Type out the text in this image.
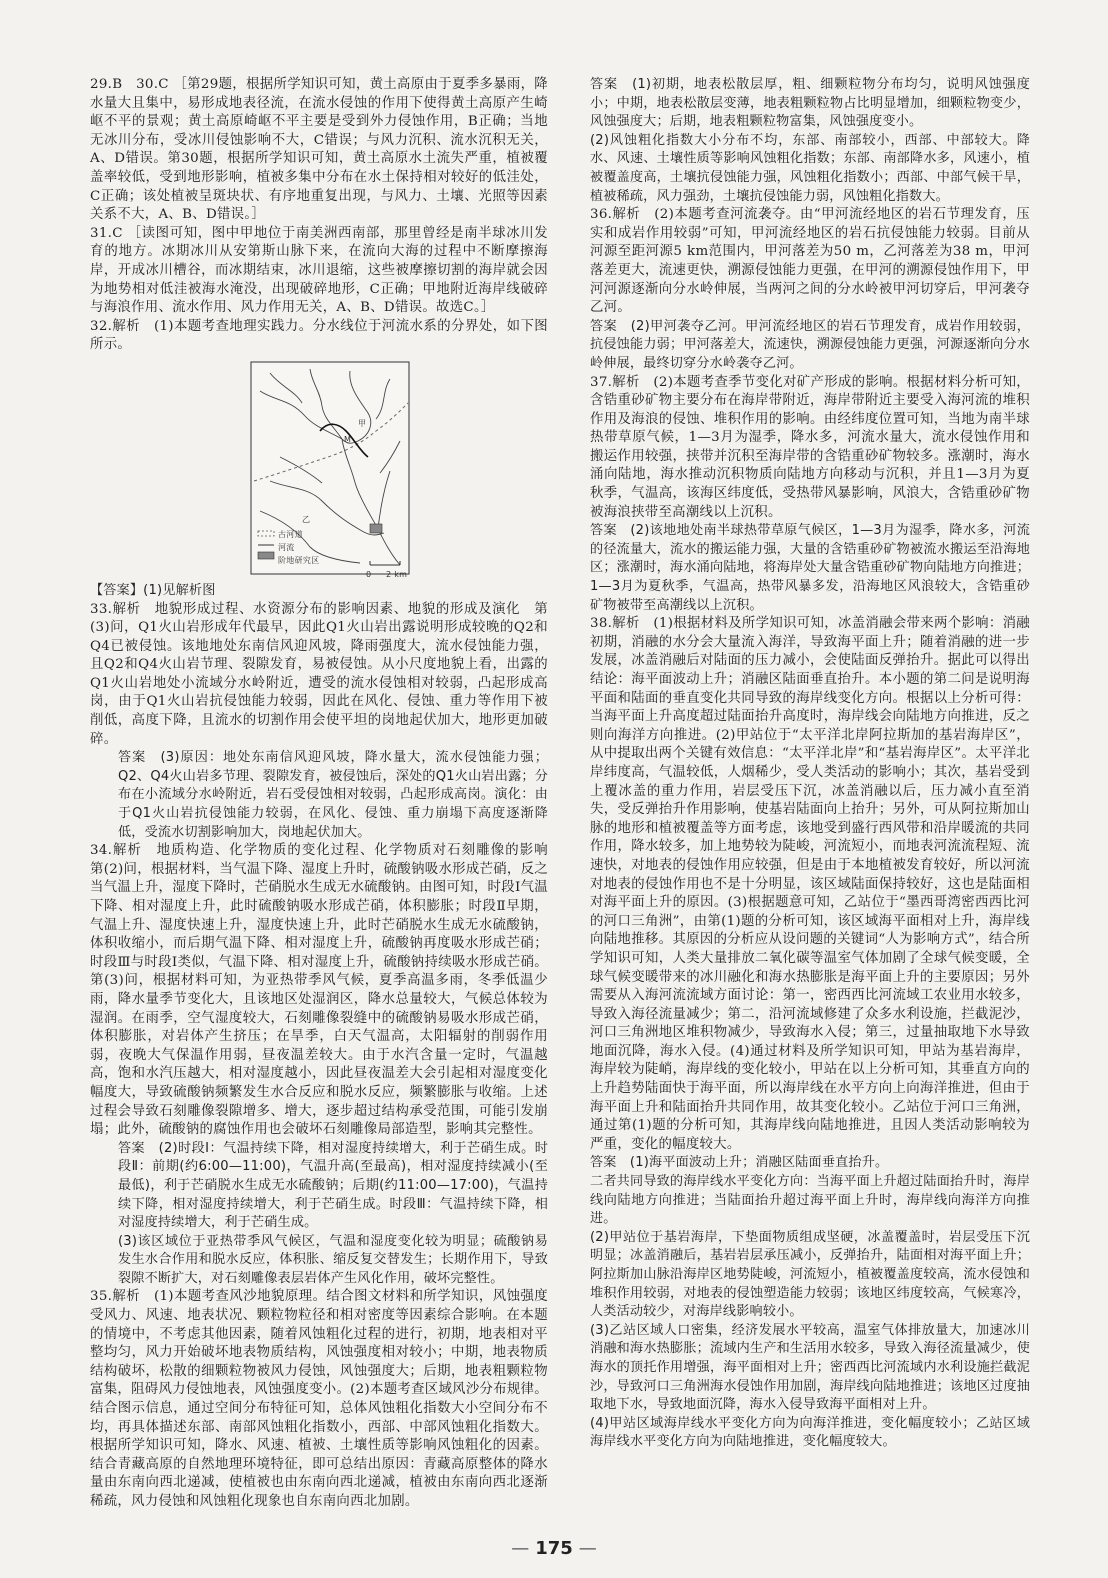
29.B　30.C ［第29题，根据所学知识可知，黄土高原由于夏季多暴雨，降水量大且集中，易形成地表径流，在流水侵蚀的作用下使得黄土高原产生崎岖不平的景观；黄土高原崎岖不平主要是受到外力侵蚀作用，B正确；当地无冰川分布，受冰川侵蚀影响不大，C错误；与风力沉积、流水沉积无关，A、D错误。第30题，根据所学知识可知，黄土高原水土流失严重，植被覆盖率较低，受到地形影响，植被多集中分布在水土保持相对较好的低洼处，C正确；该处植被呈斑块状、有序地重复出现，与风力、土壤、光照等因素关系不大，A、B、D错误。］

31.C ［读图可知，图中甲地位于南美洲西南部，那里曾经是南半球冰川发育的地方。冰期冰川从安第斯山脉下来，在流向大海的过程中不断摩擦海岸，开成冰川槽谷，而冰期结束，冰川退缩，这些被摩擦切割的海岸就会因为地势相对低洼被海水淹没，出现破碎地形，C正确；甲地附近海岸线破碎与海浪作用、流水作用、风力作用无关，A、B、D错误。故选C。］

32.解析　(1)本题考查地理实践力。分水线位于河流水系的分界处，如下图所示。

甲
M
乙
古河道
河流
阶地研究区
0 2 km

【答案】(1)见解析图

33.解析　地貌形成过程、水资源分布的影响因素、地貌的形成及演化　第(3)问，Q1火山岩形成年代最早，因此Q1火山岩出露说明形成较晚的Q2和Q4已被侵蚀。该地地处东南信风迎风坡，降雨强度大，流水侵蚀能力强，且Q2和Q4火山岩节理、裂隙发育，易被侵蚀。从小尺度地貌上看，出露的Q1火山岩地处小流域分水岭附近，遭受的流水侵蚀相对较弱，凸起形成高岗，由于Q1火山岩抗侵蚀能力较弱，因此在风化、侵蚀、重力等作用下被削低，高度下降，且流水的切割作用会使平坦的岗地起伏加大，地形更加破碎。

答案　(3)原因：地处东南信风迎风坡，降水量大，流水侵蚀能力强；Q2、Q4火山岩多节理、裂隙发育，被侵蚀后，深处的Q1火山岩出露；分布在小流域分水岭附近，岩石受侵蚀相对较弱，凸起形成高岗。演化：由于Q1火山岩抗侵蚀能力较弱，在风化、侵蚀、重力崩塌下高度逐渐降低，受流水切割影响加大，岗地起伏加大。

34.解析　地质构造、化学物质的变化过程、化学物质对石刻雕像的影响　第(2)问，根据材料，当气温下降、湿度上升时，硫酸钠吸水形成芒硝，反之当气温上升，湿度下降时，芒硝脱水生成无水硫酸钠。由图可知，时段Ⅰ气温下降、相对湿度上升，此时硫酸钠吸水形成芒硝，体积膨胀；时段Ⅱ早期，气温上升、湿度快速上升，湿度快速上升，此时芒硝脱水生成无水硫酸钠，体积收缩小，而后期气温下降、相对湿度上升，硫酸钠再度吸水形成芒硝；时段Ⅲ与时段Ⅰ类似，气温下降、相对湿度上升，硫酸钠持续吸水形成芒硝。第(3)问，根据材料可知，为亚热带季风气候，夏季高温多雨，冬季低温少雨，降水量季节变化大，且该地区处湿润区，降水总量较大，气候总体较为湿润。在雨季，空气湿度较大，石刻雕像裂缝中的硫酸钠易吸水形成芒硝，体积膨胀，对岩体产生挤压；在旱季，白天气温高，太阳辐射的削弱作用弱，夜晚大气保温作用弱，昼夜温差较大。由于水汽含量一定时，气温越高，饱和水汽压越大，相对湿度越小，因此昼夜温差大会引起相对湿度变化幅度大，导致硫酸钠频繁发生水合反应和脱水反应，频繁膨胀与收缩。上述过程会导致石刻雕像裂隙增多、增大，逐步超过结构承受范围，可能引发崩塌；此外，硫酸钠的腐蚀作用也会破坏石刻雕像局部造型，影响其完整性。

答案　(2)时段Ⅰ：气温持续下降，相对湿度持续增大，利于芒硝生成。时段Ⅱ：前期(约6:00—11:00)，气温升高(至最高)，相对湿度持续减小(至最低)，利于芒硝脱水生成无水硫酸钠；后期(约11:00—17:00)，气温持续下降，相对湿度持续增大，利于芒硝生成。时段Ⅲ：气温持续下降，相对湿度持续增大，利于芒硝生成。

(3)该区域位于亚热带季风气候区，气温和湿度变化较为明显；硫酸钠易发生水合作用和脱水反应，体积胀、缩反复交替发生；长期作用下，导致裂隙不断扩大，对石刻雕像表层岩体产生风化作用，破坏完整性。

35.解析　(1)本题考查风沙地貌原理。结合图文材料和所学知识，风蚀强度受风力、风速、地表状况、颗粒物粒径和相对密度等因素综合影响。在本题的情境中，不考虑其他因素，随着风蚀粗化过程的进行，初期，地表相对平整均匀，风力开始破坏地表物质结构，风蚀强度相对较小；中期，地表物质结构破坏，松散的细颗粒物被风力侵蚀，风蚀强度大；后期，地表粗颗粒物富集，阻碍风力侵蚀地表，风蚀强度变小。(2)本题考查区域风沙分布规律。结合图示信息，通过空间分布特征可知，总体风蚀粗化指数大小空间分布不均，再具体描述东部、南部风蚀粗化指数小，西部、中部风蚀粗化指数大。根据所学知识可知，降水、风速、植被、土壤性质等影响风蚀粗化的因素。结合青藏高原的自然地理环境特征，即可总结出原因：青藏高原整体的降水量由东南向西北递减，使植被也由东南向西北递减，植被由东南向西北逐渐稀疏，风力侵蚀和风蚀粗化现象也自东南向西北加剧。

答案　(1)初期，地表松散层厚，粗、细颗粒物分布均匀，说明风蚀强度小；中期，地表松散层变薄，地表粗颗粒物占比明显增加，细颗粒物变少，风蚀强度大；后期，地表粗颗粒物富集，风蚀强度变小。

(2)风蚀粗化指数大小分布不均，东部、南部较小，西部、中部较大。降水、风速、土壤性质等影响风蚀粗化指数；东部、南部降水多，风速小，植被覆盖度高，土壤抗侵蚀能力强，风蚀粗化指数小；西部、中部气候干旱，植被稀疏，风力强劲，土壤抗侵蚀能力弱，风蚀粗化指数大。

36.解析　(2)本题考查河流袭夺。由“甲河流经地区的岩石节理发育，压实和成岩作用较弱”可知，甲河流经地区的岩石抗侵蚀能力较弱。目前从河源至距河源5 km范围内，甲河落差为50 m，乙河落差为38 m，甲河落差更大，流速更快，溯源侵蚀能力更强，在甲河的溯源侵蚀作用下，甲河河源逐渐向分水岭伸展，当两河之间的分水岭被甲河切穿后，甲河袭夺乙河。

答案　(2)甲河袭夺乙河。甲河流经地区的岩石节理发育，成岩作用较弱，抗侵蚀能力弱；甲河落差大，流速快，溯源侵蚀能力更强，河源逐渐向分水岭伸展，最终切穿分水岭袭夺乙河。

37.解析　(2)本题考查季节变化对矿产形成的影响。根据材料分析可知，含锆重砂矿物主要分布在海岸带附近，海岸带附近主要受入海河流的堆积作用及海浪的侵蚀、堆积作用的影响。由经纬度位置可知，当地为南半球热带草原气候，1—3月为湿季，降水多，河流水量大，流水侵蚀作用和搬运作用较强，挟带并沉积至海岸带的含锆重砂矿物较多。涨潮时，海水涌向陆地，海水推动沉积物质向陆地方向移动与沉积，并且1—3月为夏秋季，气温高，该海区纬度低，受热带风暴影响，风浪大，含锆重砂矿物被海浪挟带至高潮线以上沉积。

答案　(2)该地地处南半球热带草原气候区，1—3月为湿季，降水多，河流的径流量大，流水的搬运能力强，大量的含锆重砂矿物被流水搬运至沿海地区；涨潮时，海水涌向陆地，将海岸处大量含锆重砂矿物向陆地方向推进；1—3月为夏秋季，气温高，热带风暴多发，沿海地区风浪较大，含锆重砂矿物被带至高潮线以上沉积。

38.解析　(1)根据材料及所学知识可知，冰盖消融会带来两个影响：消融初期，消融的水分会大量流入海洋，导致海平面上升；随着消融的进一步发展，冰盖消融后对陆面的压力减小，会使陆面反弹抬升。据此可以得出结论：海平面波动上升；消融区陆面垂直抬升。本小题的第二问是说明海平面和陆面的垂直变化共同导致的海岸线变化方向。根据以上分析可得：当海平面上升高度超过陆面抬升高度时，海岸线会向陆地方向推进，反之则向海洋方向推进。(2)甲站位于“太平洋北岸阿拉斯加的基岩海岸区”，从中提取出两个关键有效信息：“太平洋北岸”和“基岩海岸区”。太平洋北岸纬度高，气温较低，人烟稀少，受人类活动的影响小；其次，基岩受到上覆冰盖的重力作用，岩层受压下沉，冰盖消融以后，压力减小直至消失，受反弹抬升作用影响，使基岩陆面向上抬升；另外，可从阿拉斯加山脉的地形和植被覆盖等方面考虑，该地受到盛行西风带和沿岸暖流的共同作用，降水较多，加上地势较为陡峻，河流短小，而地表河流流程短、流速快，对地表的侵蚀作用应较强，但是由于本地植被发育较好，所以河流对地表的侵蚀作用也不是十分明显，该区域陆面保持较好，这也是陆面相对海平面上升的原因。(3)根据题意可知，乙站位于“墨西哥湾密西西比河的河口三角洲”，由第(1)题的分析可知，该区域海平面相对上升，海岸线向陆地推移。其原因的分析应从设问题的关键词“人为影响方式”，结合所学知识可知，人类大量排放二氧化碳等温室气体加剧了全球气候变暖，全球气候变暖带来的冰川融化和海水热膨胀是海平面上升的主要原因；另外需要从入海河流流域方面讨论：第一，密西西比河流域工农业用水较多，导致入海径流量减少；第二，沿河流域修建了众多水利设施，拦截泥沙，河口三角洲地区堆积物减少，导致海水入侵；第三，过量抽取地下水导致地面沉降，海水入侵。(4)通过材料及所学知识可知，甲站为基岩海岸，海岸较为陡峭，海岸线的变化较小，甲站在以上分析可知，其垂直方向的上升趋势陆面快于海平面，所以海岸线在水平方向上向海洋推进，但由于海平面上升和陆面抬升共同作用，故其变化较小。乙站位于河口三角洲，通过第(1)题的分析可知，其海岸线向陆地推进，且因人类活动影响较为严重，变化的幅度较大。

答案　(1)海平面波动上升；消融区陆面垂直抬升。

二者共同导致的海岸线水平变化方向：当海平面上升超过陆面抬升时，海岸线向陆地方向推进；当陆面抬升超过海平面上升时，海岸线向海洋方向推进。

(2)甲站位于基岩海岸，下垫面物质组成坚硬，冰盖覆盖时，岩层受压下沉明显；冰盖消融后，基岩岩层承压减小，反弹抬升，陆面相对海平面上升；阿拉斯加山脉沿海岸区地势陡峻，河流短小，植被覆盖度较高，流水侵蚀和堆积作用较弱，对地表的侵蚀塑造能力较弱；该地区纬度较高，气候寒冷，人类活动较少，对海岸线影响较小。

(3)乙站区域人口密集，经济发展水平较高，温室气体排放量大，加速冰川消融和海水热膨胀；流域内生产和生活用水较多，导致入海径流量减少，使海水的顶托作用增强，海平面相对上升；密西西比河流域内水利设施拦截泥沙，导致河口三角洲海水侵蚀作用加剧，海岸线向陆地推进；该地区过度抽取地下水，导致地面沉降，海水入侵导致海平面相对上升。

(4)甲站区域海岸线水平变化方向为向海洋推进，变化幅度较小；乙站区域海岸线水平变化方向为向陆地推进，变化幅度较大。

— 175 —
